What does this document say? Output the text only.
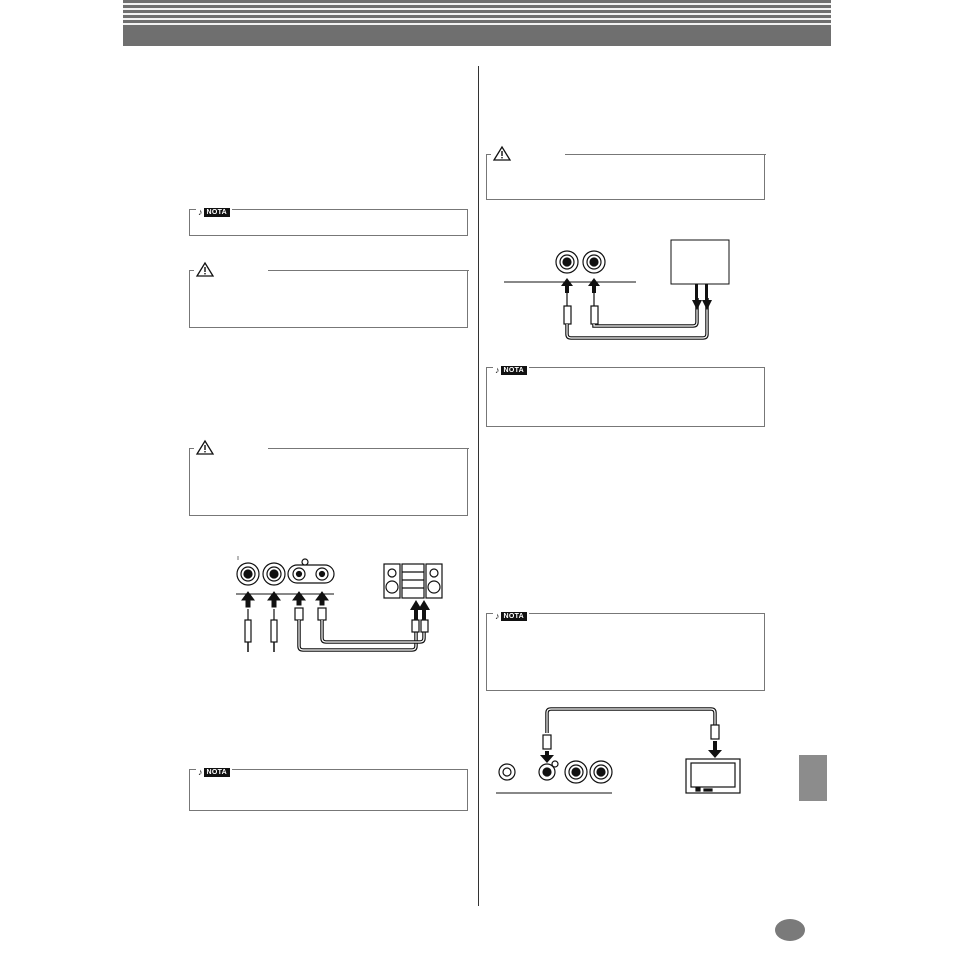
♪ NOTA
♪ NOTA
♪ NOTA
♪ NOTA
